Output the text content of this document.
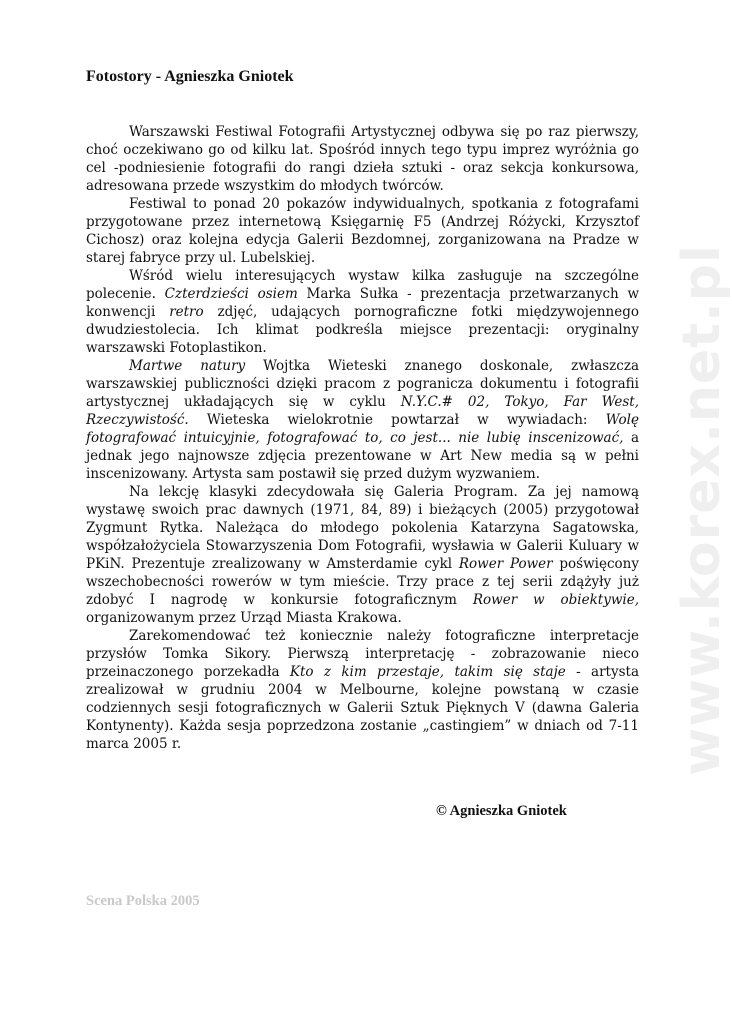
Fotostory - Agnieszka Gniotek

Warszawski Festiwal Fotografii Artystycznej odbywa się po raz pierwszy, choć oczekiwano go od kilku lat. Spośród innych tego typu imprez wyróżnia go cel -podniesienie fotografii do rangi dzieła sztuki - oraz sekcja konkursowa, adresowana przede wszystkim do młodych twórców.

Festiwal to ponad 20 pokazów indywidualnych, spotkania z fotografami przygotowane przez internetową Księgarnię F5 (Andrzej Różycki, Krzysztof Cichosz) oraz kolejna edycja Galerii Bezdomnej, zorganizowana na Pradze w starej fabryce przy ul. Lubelskiej.

Wśród wielu interesujących wystaw kilka zasługuje na szczególne polecenie. Czterdzieści osiem Marka Sułka - prezentacja przetwarzanych w konwencji retro zdjęć, udających pornograficzne fotki międzywojennego dwudziestolecia. Ich klimat podkreśla miejsce prezentacji: oryginalny warszawski Fotoplastikon.

Martwe natury Wojtka Wieteski znanego doskonale, zwłaszcza warszawskiej publiczności dzięki pracom z pogranicza dokumentu i fotografii artystycznej układających się w cyklu N.Y.C.# 02, Tokyo, Far West, Rzeczywistość. Wieteska wielokrotnie powtarzał w wywiadach: Wolę fotografować intuicyjnie, fotografować to, co jest... nie lubię inscenizować, a jednak jego najnowsze zdjęcia prezentowane w Art New media są w pełni inscenizowany. Artysta sam postawił się przed dużym wyzwaniem.

Na lekcję klasyki zdecydowała się Galeria Program. Za jej namową wystawę swoich prac dawnych (1971, 84, 89) i bieżących (2005) przygotował Zygmunt Rytka. Należąca do młodego pokolenia Katarzyna Sagatowska, współzałożyciela Stowarzyszenia Dom Fotografii, wysławia w Galerii Kuluary w PKiN. Prezentuje zrealizowany w Amsterdamie cykl Rower Power poświęcony wszechobecności rowerów w tym mieście. Trzy prace z tej serii zdążyły już zdobyć I nagrodę w konkursie fotograficznym Rower w obiektywie, organizowanym przez Urząd Miasta Krakowa.

Zarekomendować też koniecznie należy fotograficzne interpretacje przysłów Tomka Sikory. Pierwszą interpretację - zobrazowanie nieco przeinaczonego porzekadła Kto z kim przestaje, takim się staje - artysta zrealizował w grudniu 2004 w Melbourne, kolejne powstaną w czasie codziennych sesji fotograficznych w Galerii Sztuk Pięknych V (dawna Galeria Kontynenty). Każda sesja poprzedzona zostanie „castingiem” w dniach od 7-11 marca 2005 r.

© Agnieszka Gniotek
Scena Polska 2005
www.korex.net.pl
